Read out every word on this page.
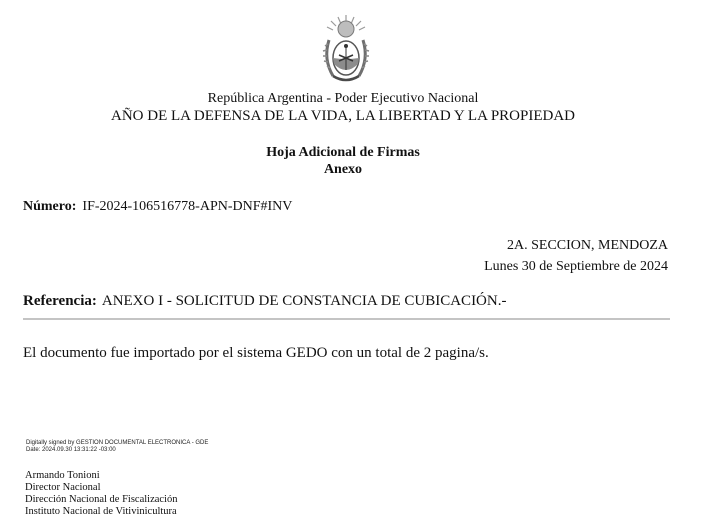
República Argentina - Poder Ejecutivo Nacional
AÑO DE LA DEFENSA DE LA VIDA, LA LIBERTAD Y LA PROPIEDAD
Hoja Adicional de Firmas
Anexo
Número: IF-2024-106516778-APN-DNF#INV
2A. SECCION, MENDOZA
Lunes 30 de Septiembre de 2024
Referencia: ANEXO I - SOLICITUD DE CONSTANCIA DE CUBICACIÓN.-
El documento fue importado por el sistema GEDO con un total de 2 pagina/s.
Digitally signed by GESTION DOCUMENTAL ELECTRONICA - GDE
Date: 2024.09.30 13:31:22 -03:00
Armando Tonioni
Director Nacional
Dirección Nacional de Fiscalización
Instituto Nacional de Vitivinicultura
